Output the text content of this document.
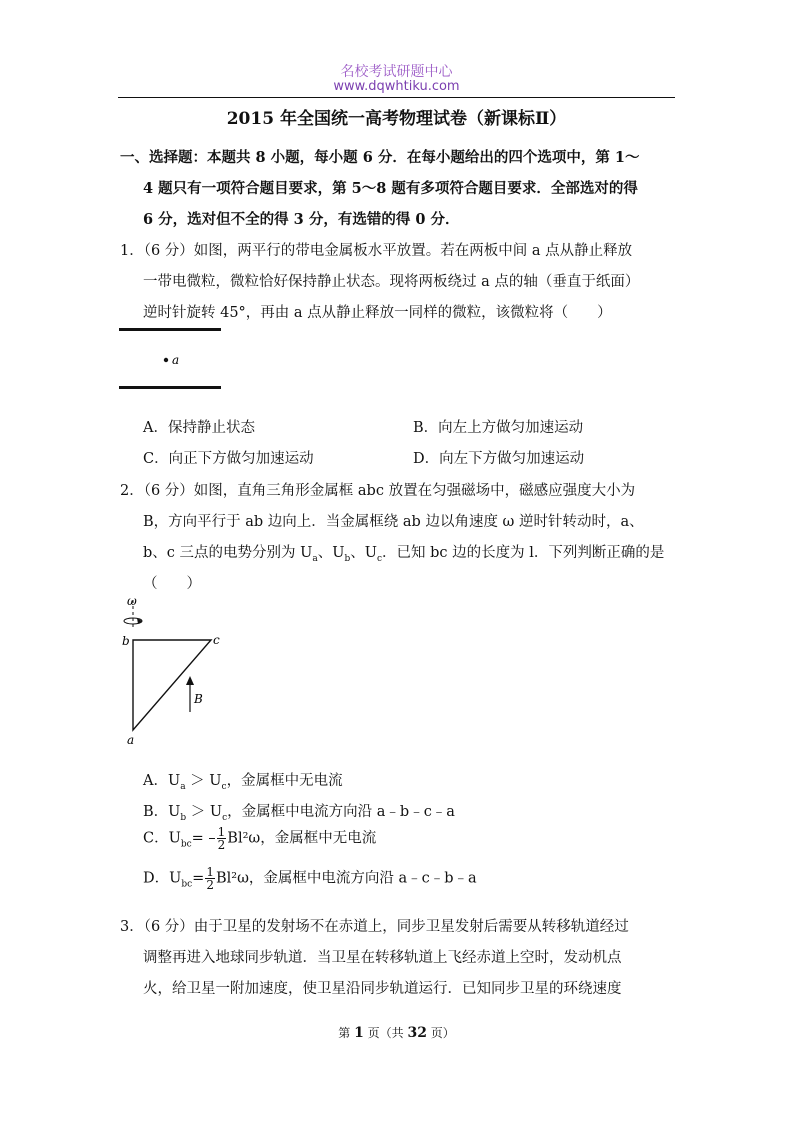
名校考试研题中心
www.dqwhtiku.com
2015 年全国统一高考物理试卷（新课标Ⅱ）
一、选择题：本题共 8 小题，每小题 6 分．在每小题给出的四个选项中，第 1～
4 题只有一项符合题目要求，第 5～8 题有多项符合题目要求．全部选对的得
6 分，选对但不全的得 3 分，有选错的得 0 分．
1．（6 分）如图，两平行的带电金属板水平放置。若在两板中间 a 点从静止释放
一带电微粒，微粒恰好保持静止状态。现将两板绕过 a 点的轴（垂直于纸面）
逆时针旋转 45°，再由 a 点从静止释放一同样的微粒，该微粒将（　　）
a
A．保持静止状态	B．向左上方做匀加速运动
C．向正下方做匀加速运动	D．向左下方做匀加速运动
2．（6 分）如图，直角三角形金属框 abc 放置在匀强磁场中，磁感应强度大小为
B，方向平行于 ab 边向上．当金属框绕 ab 边以角速度 ω 逆时针转动时，a、
b、c 三点的电势分别为 $U_a$、$U_b$、$U_c$．已知 bc 边的长度为 l．下列判断正确的是
（　　）
ω
b	c
a
B
A．$U_a > U_c$，金属框中无电流
B．$U_b > U_c$，金属框中电流方向沿 a﹣b﹣c﹣a
C．$U_{bc}= - \frac{1}{2} Bl^2\omega$，金属框中无电流
D．$U_{bc}= \frac{1}{2} Bl^2\omega$，金属框中电流方向沿 a﹣c﹣b﹣a
3．（6 分）由于卫星的发射场不在赤道上，同步卫星发射后需要从转移轨道经过
调整再进入地球同步轨道．当卫星在转移轨道上飞经赤道上空时，发动机点
火，给卫星一附加速度，使卫星沿同步轨道运行．已知同步卫星的环绕速度
第 1 页（共 32 页）
